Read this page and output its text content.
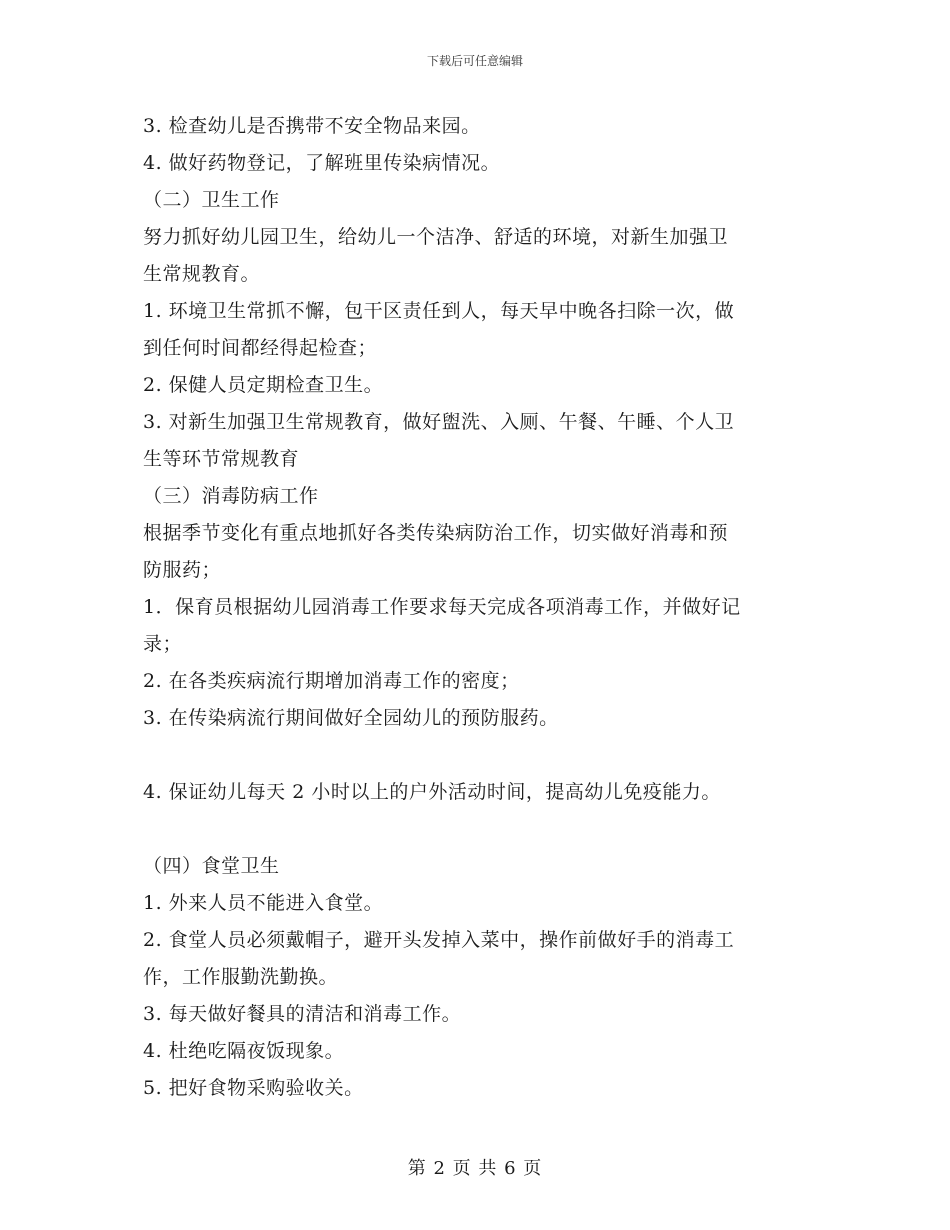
下载后可任意编辑
3. 检查幼儿是否携带不安全物品来园。
4. 做好药物登记，了解班里传染病情况。
（二）卫生工作
努力抓好幼儿园卫生，给幼儿一个洁净、舒适的环境，对新生加强卫
生常规教育。
1. 环境卫生常抓不懈，包干区责任到人，每天早中晚各扫除一次，做
到任何时间都经得起检查；
2. 保健人员定期检查卫生。
3. 对新生加强卫生常规教育，做好盥洗、入厕、午餐、午睡、个人卫
生等环节常规教育
（三）消毒防病工作
根据季节变化有重点地抓好各类传染病防治工作，切实做好消毒和预
防服药；
1．保育员根据幼儿园消毒工作要求每天完成各项消毒工作，并做好记
录；
2. 在各类疾病流行期增加消毒工作的密度；
3. 在传染病流行期间做好全园幼儿的预防服药。
4. 保证幼儿每天 2 小时以上的户外活动时间，提高幼儿免疫能力。
（四）食堂卫生
1. 外来人员不能进入食堂。
2. 食堂人员必须戴帽子，避开头发掉入菜中，操作前做好手的消毒工
作，工作服勤洗勤换。
3. 每天做好餐具的清洁和消毒工作。
4. 杜绝吃隔夜饭现象。
5. 把好食物采购验收关。
第 2 页 共 6 页
